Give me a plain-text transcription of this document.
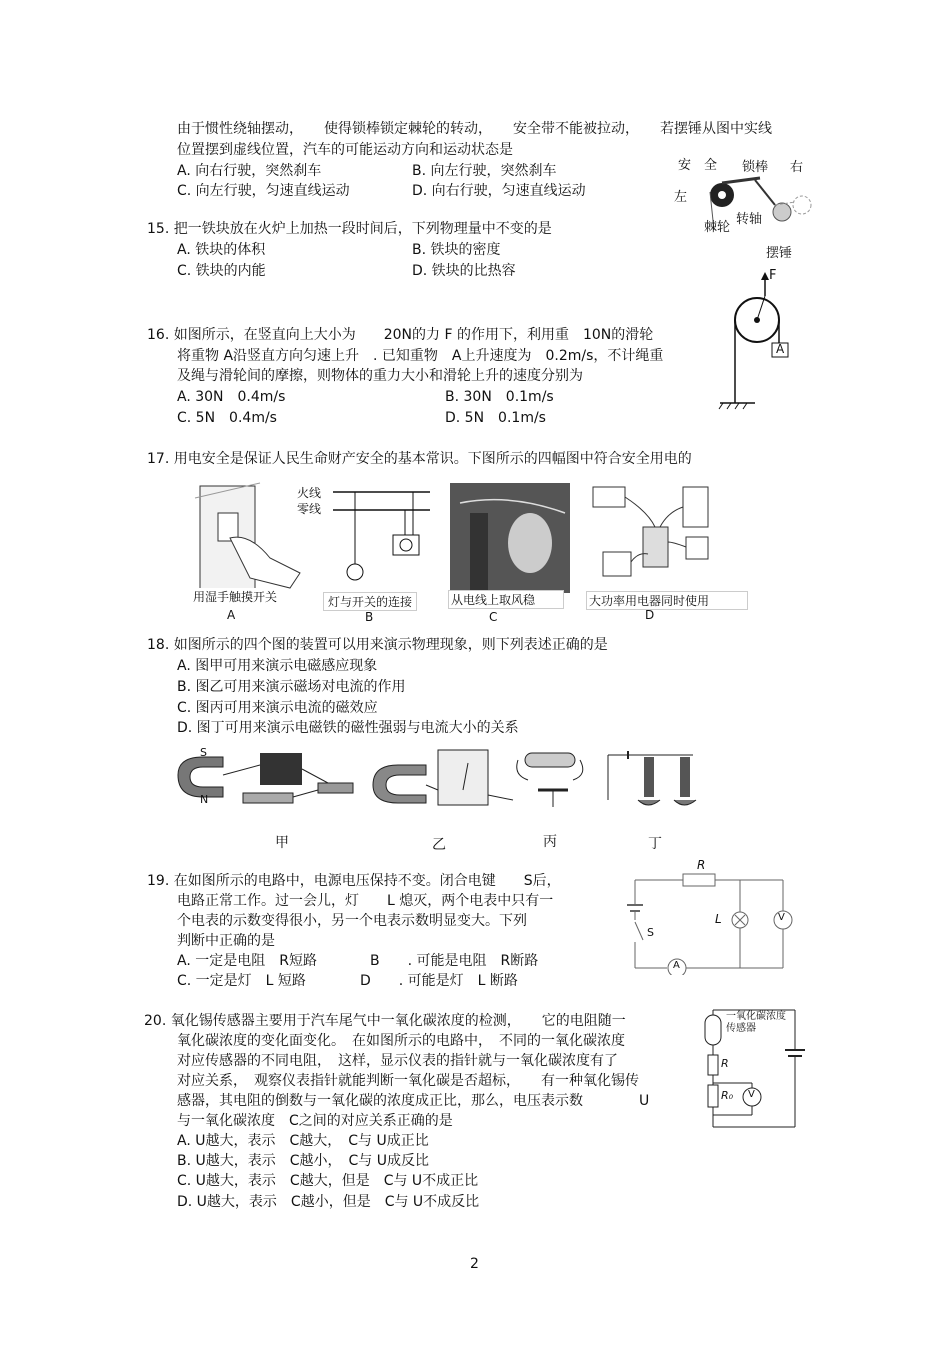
由于惯性绕轴摆动，　　使得锁棒锁定棘轮的转动，　　安全带不能被拉动，　　若摆锤从图中实线
位置摆到虚线位置，汽车的可能运动方向和运动状态是
A. 向右行驶，突然刹车	B. 向左行驶，突然刹车
C. 向左行驶，匀速直线运动	D. 向右行驶，匀速直线运动
安　全 锁棒 右
左
转轴
棘轮
摆锤
15. 把一铁块放在火炉上加热一段时间后，下列物理量中不变的是
A. 铁块的体积	B. 铁块的密度
C. 铁块的内能	D. 铁块的比热容	F
A
16. 如图所示，在竖直向上大小为　　20N的力 F 的作用下，利用重　10N的滑轮
将重物 A沿竖直方向匀速上升　. 已知重物　A上升速度为　0.2m/s，不计绳重
及绳与滑轮间的摩擦，则物体的重力大小和滑轮上升的速度分别为
A. 30N　0.4m/s	B. 30N　0.1m/s
C. 5N　0.4m/s	D. 5N　0.1m/s
17. 用电安全是保证人民生命财产安全的基本常识。下图所示的四幅图中符合安全用电的
火线
零线
用湿手触摸开关	灯与开关的连接	从电线上取风稳	大功率用电器同时使用
A	B	C	D
18. 如图所示的四个图的装置可以用来演示物理现象，则下列表述正确的是
A. 图甲可用来演示电磁感应现象
B. 图乙可用来演示磁场对电流的作用
C. 图丙可用来演示电流的磁效应
D. 图丁可用来演示电磁铁的磁性强弱与电流大小的关系
S
N
甲	乙	丙	丁
19. 在如图所示的电路中，电源电压保持不变。闭合电键　　S后，
电路正常工作。过一会儿，灯　　L 熄灭，两个电表中只有一
个电表的示数变得很小，另一个电表示数明显变大。下列
判断中正确的是
A. 一定是电阻　R短路	B　　. 可能是电阻　R断路
C. 一定是灯　L 短路	D　　. 可能是灯　L 断路
R
L	V
A
S
20. 氧化锡传感器主要用于汽车尾气中一氧化碳浓度的检测，　　它的电阻随一
氧化碳浓度的变化面变化。　在如图所示的电路中，　不同的一氧化碳浓度
对应传感器的不同电阻，　这样，显示仪表的指针就与一氧化碳浓度有了
对应关系，　观察仪表指针就能判断一氧化碳是否超标，　　有一种氧化锡传
感器，其电阻的倒数与一氧化碳的浓度成正比，那么，电压表示数　　　　U
与一氧化碳浓度　C之间的对应关系正确的是
A. U越大，表示　C越大，　C与 U成正比
B. U越大，表示　C越小，　C与 U成反比
C. U越大，表示　C越大，但是　C与 U不成正比
D. U越大，表示　C越小，但是　C与 U不成反比
一氧化碳浓度
传感器
R
R₀ V
2
